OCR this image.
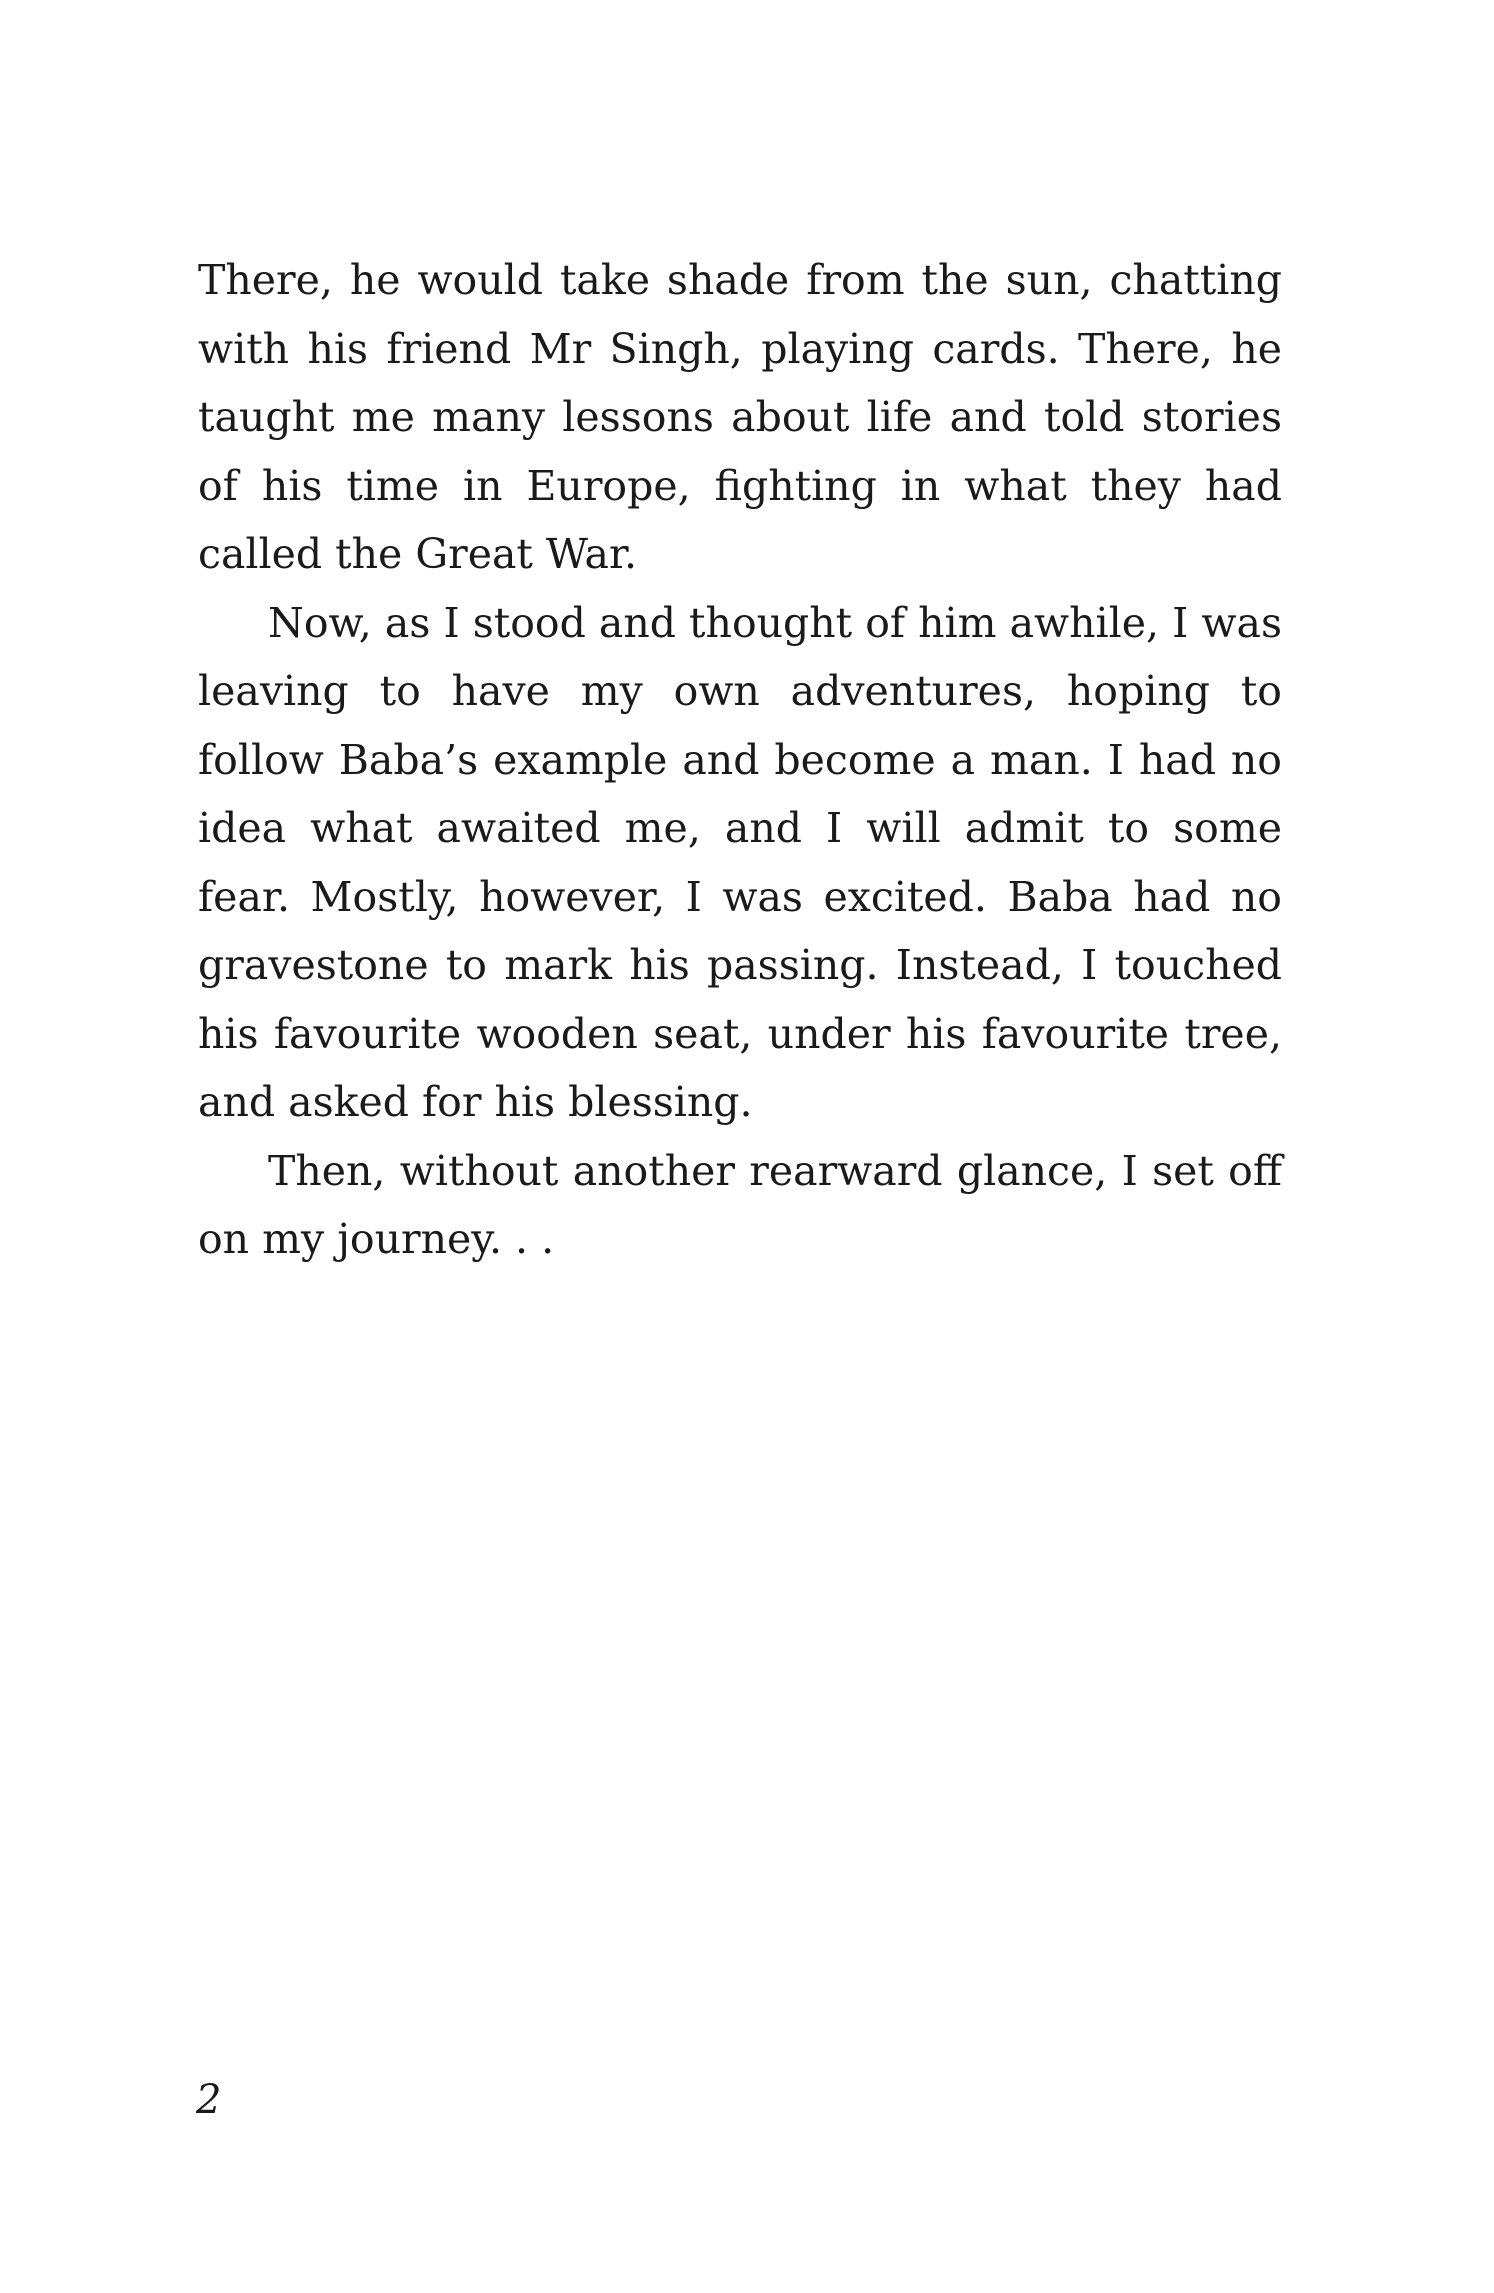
There, he would take shade from the sun, chatting with his friend Mr Singh, playing cards. There, he taught me many lessons about life and told stories of his time in Europe, fighting in what they had called the Great War.

Now, as I stood and thought of him awhile, I was leaving to have my own adventures, hoping to follow Baba’s example and become a man. I had no idea what awaited me, and I will admit to some fear. Mostly, however, I was excited. Baba had no gravestone to mark his passing. Instead, I touched his favourite wooden seat, under his favourite tree, and asked for his blessing.

Then, without another rearward glance, I set off on my journey. . .

2
